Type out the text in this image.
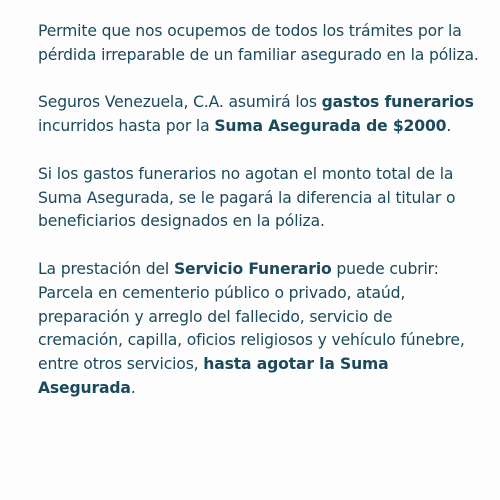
Permite que nos ocupemos de todos los trámites por la pérdida irreparable de un familiar asegurado en la póliza.

Seguros Venezuela, C.A. asumirá los gastos funerarios incurridos hasta por la Suma Asegurada de $2000.

Si los gastos funerarios no agotan el monto total de la Suma Asegurada, se le pagará la diferencia al titular o beneficiarios designados en la póliza.

La prestación del Servicio Funerario puede cubrir: Parcela en cementerio público o privado, ataúd, preparación y arreglo del fallecido, servicio de cremación, capilla, oficios religiosos y vehículo fúnebre, entre otros servicios, hasta agotar la Suma Asegurada.
